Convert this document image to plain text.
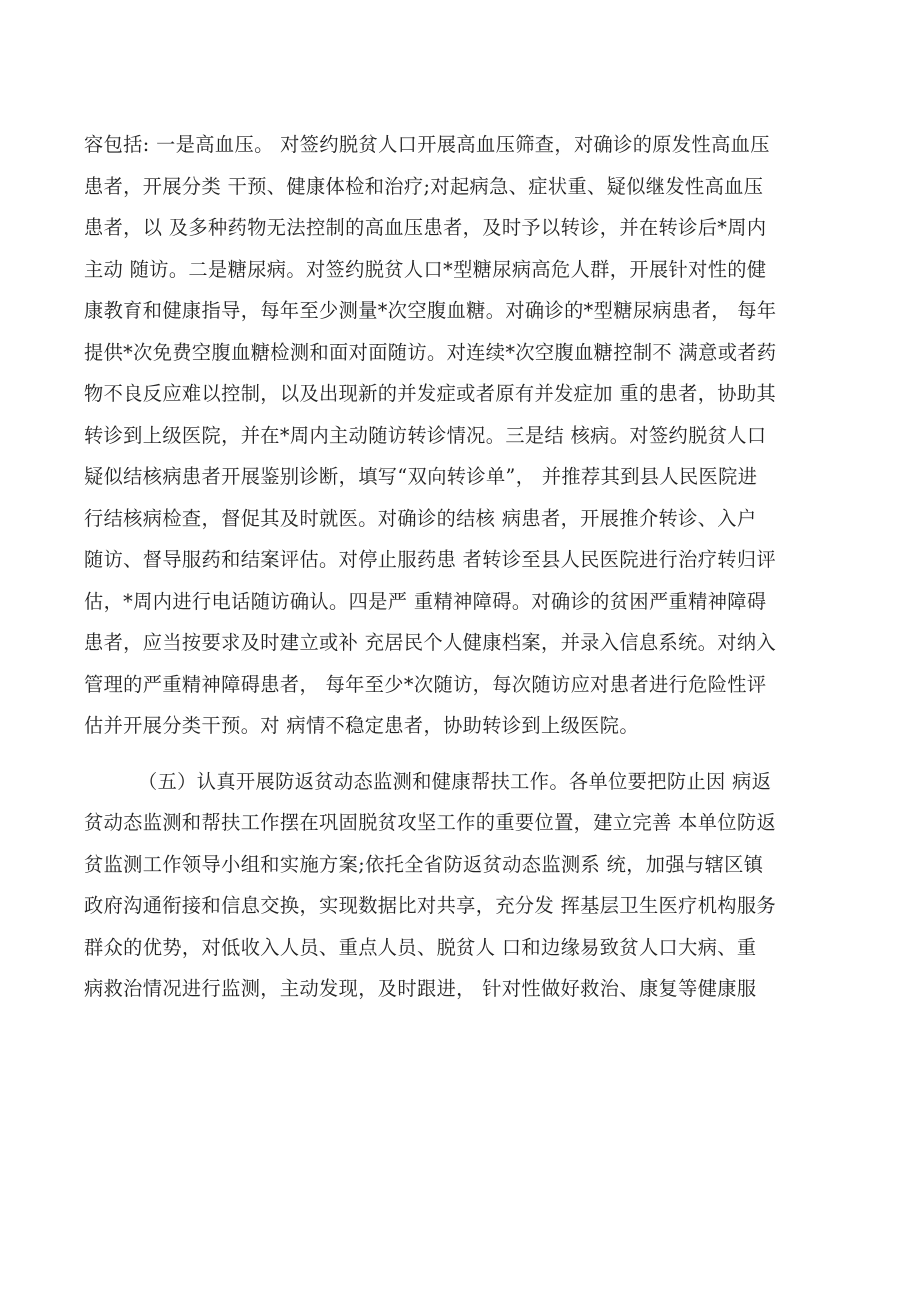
容包括: 一是高血压。 对签约脱贫人口开展高血压筛查，对确诊的原发性高血压
患者，开展分类 干预、健康体检和治疗;对起病急、症状重、疑似继发性高血压
患者，以 及多种药物无法控制的高血压患者，及时予以转诊，并在转诊后*周内
主动 随访。二是糖尿病。对签约脱贫人口*型糖尿病高危人群，开展针对性的健
康教育和健康指导，每年至少测量*次空腹血糖。对确诊的*型糖尿病患者， 每年
提供*次免费空腹血糖检测和面对面随访。对连续*次空腹血糖控制不 满意或者药
物不良反应难以控制，以及出现新的并发症或者原有并发症加 重的患者，协助其
转诊到上级医院，并在*周内主动随访转诊情况。三是结 核病。对签约脱贫人口
疑似结核病患者开展鉴别诊断，填写“双向转诊单”， 并推荐其到县人民医院进
行结核病检查，督促其及时就医。对确诊的结核 病患者，开展推介转诊、入户
随访、督导服药和结案评估。对停止服药患 者转诊至县人民医院进行治疗转归评
估，*周内进行电话随访确认。四是严 重精神障碍。对确诊的贫困严重精神障碍
患者，应当按要求及时建立或补 充居民个人健康档案，并录入信息系统。对纳入
管理的严重精神障碍患者， 每年至少*次随访，每次随访应对患者进行危险性评
估并开展分类干预。对 病情不稳定患者，协助转诊到上级医院。
（五）认真开展防返贫动态监测和健康帮扶工作。各单位要把防止因 病返
贫动态监测和帮扶工作摆在巩固脱贫攻坚工作的重要位置，建立完善 本单位防返
贫监测工作领导小组和实施方案;依托全省防返贫动态监测系 统，加强与辖区镇
政府沟通衔接和信息交换，实现数据比对共享，充分发 挥基层卫生医疗机构服务
群众的优势，对低收入人员、重点人员、脱贫人 口和边缘易致贫人口大病、重
病救治情况进行监测，主动发现，及时跟进， 针对性做好救治、康复等健康服
